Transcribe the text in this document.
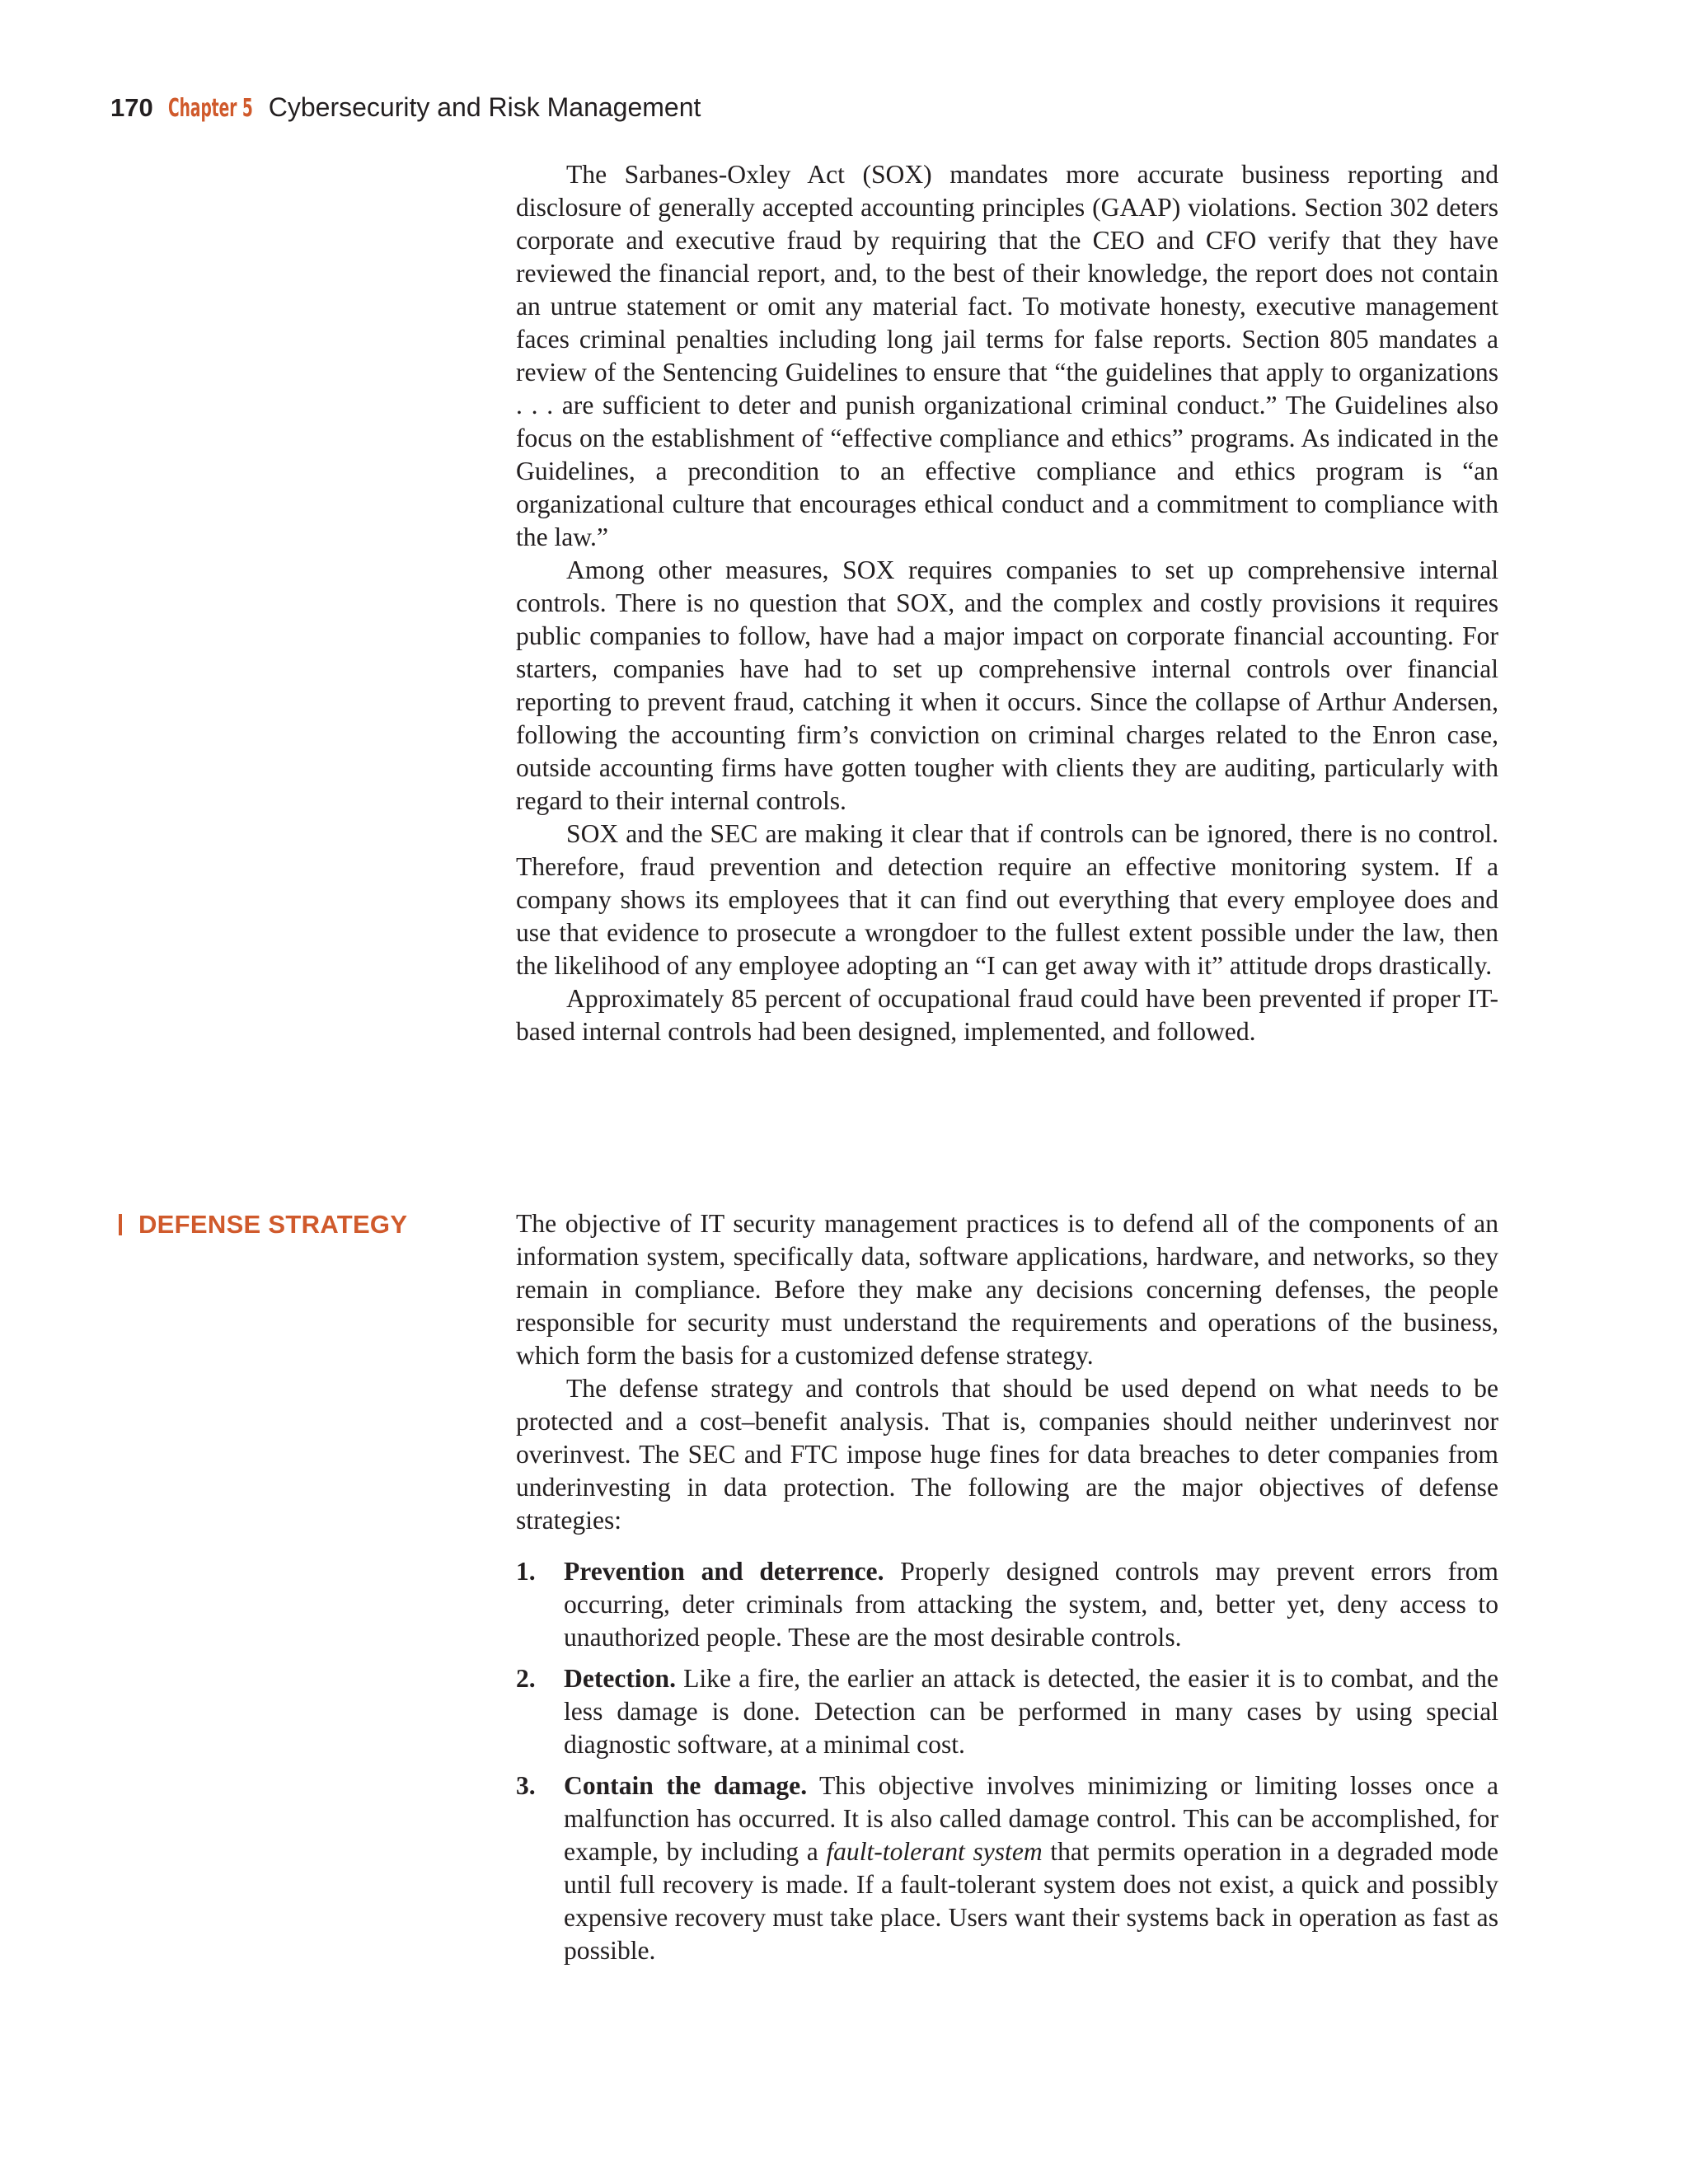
170 Chapter 5 Cybersecurity and Risk Management

The Sarbanes-Oxley Act (SOX) mandates more accurate business reporting and disclosure of generally accepted accounting principles (GAAP) violations. Section 302 deters corporate and executive fraud by requiring that the CEO and CFO verify that they have reviewed the financial report, and, to the best of their knowledge, the report does not contain an untrue statement or omit any material fact. To motivate honesty, executive management faces criminal penalties including long jail terms for false reports. Section 805 mandates a review of the Sentencing Guidelines to ensure that “the guidelines that apply to organizations . . . are sufficient to deter and punish organizational criminal conduct.” The Guidelines also focus on the establishment of “effective compliance and ethics” programs. As indicated in the Guidelines, a precondition to an effective compliance and ethics program is “an organizational culture that encourages ethical conduct and a commitment to compliance with the law.”

Among other measures, SOX requires companies to set up comprehensive internal controls. There is no question that SOX, and the complex and costly provisions it requires public companies to follow, have had a major impact on corporate financial accounting. For starters, companies have had to set up comprehensive internal controls over financial reporting to prevent fraud, catching it when it occurs. Since the collapse of Arthur Andersen, following the accounting firm’s conviction on criminal charges related to the Enron case, outside accounting firms have gotten tougher with clients they are auditing, particularly with regard to their internal controls.

SOX and the SEC are making it clear that if controls can be ignored, there is no control. Therefore, fraud prevention and detection require an effective monitoring system. If a company shows its employees that it can find out everything that every employee does and use that evidence to prosecute a wrongdoer to the fullest extent possible under the law, then the likelihood of any employee adopting an “I can get away with it” attitude drops drastically.

Approximately 85 percent of occupational fraud could have been prevented if proper IT-based internal controls had been designed, implemented, and followed.

DEFENSE STRATEGY	The objective of IT security management practices is to defend all of the components of an information system, specifically data, software applications, hardware, and networks, so they remain in compliance. Before they make any decisions concerning defenses, the people responsible for security must understand the requirements and operations of the business, which form the basis for a customized defense strategy.

The defense strategy and controls that should be used depend on what needs to be protected and a cost–benefit analysis. That is, companies should neither underinvest nor overinvest. The SEC and FTC impose huge fines for data breaches to deter companies from underinvesting in data protection. The following are the major objectives of defense strategies:

1. Prevention and deterrence. Properly designed controls may prevent errors from occurring, deter criminals from attacking the system, and, better yet, deny access to unauthorized people. These are the most desirable controls.
2. Detection. Like a fire, the earlier an attack is detected, the easier it is to combat, and the less damage is done. Detection can be performed in many cases by using special diagnostic software, at a minimal cost.
3. Contain the damage. This objective involves minimizing or limiting losses once a malfunction has occurred. It is also called damage control. This can be accomplished, for example, by including a fault-tolerant system that permits operation in a degraded mode until full recovery is made. If a fault-tolerant system does not exist, a quick and possibly expensive recovery must take place. Users want their systems back in operation as fast as possible.
